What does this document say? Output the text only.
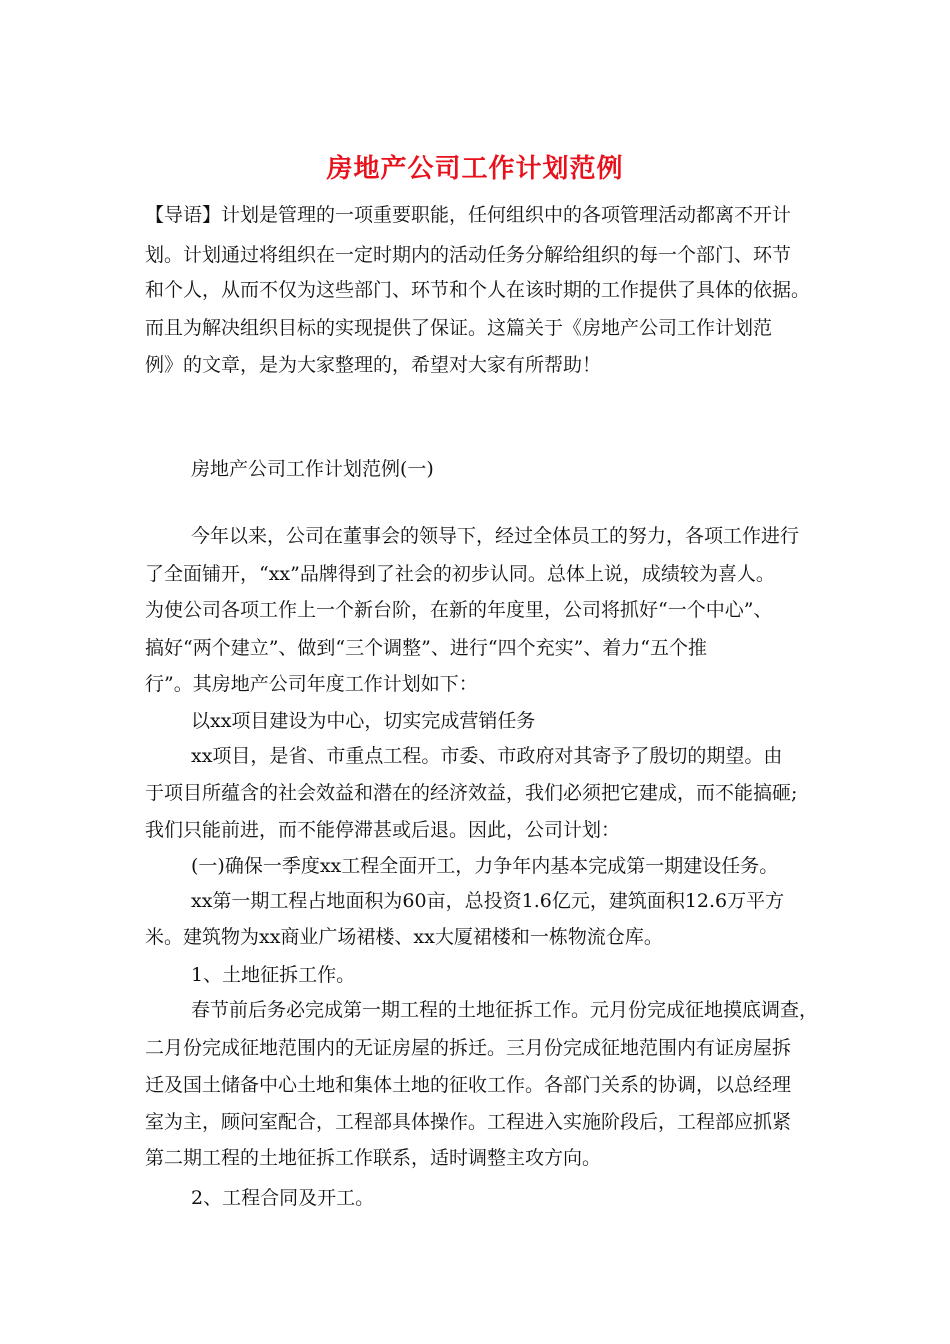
房地产公司工作计划范例
【导语】计划是管理的一项重要职能，任何组织中的各项管理活动都离不开计
划。计划通过将组织在一定时期内的活动任务分解给组织的每一个部门、环节
和个人，从而不仅为这些部门、环节和个人在该时期的工作提供了具体的依据。
而且为解决组织目标的实现提供了保证。这篇关于《房地产公司工作计划范
例》的文章，是为大家整理的，希望对大家有所帮助！
房地产公司工作计划范例(一)
今年以来，公司在董事会的领导下，经过全体员工的努力，各项工作进行
了全面铺开，“xx”品牌得到了社会的初步认同。总体上说，成绩较为喜人。
为使公司各项工作上一个新台阶，在新的年度里，公司将抓好“一个中心”、
搞好“两个建立”、做到“三个调整”、进行“四个充实”、着力“五个推
行”。其房地产公司年度工作计划如下：
以xx项目建设为中心，切实完成营销任务
xx项目，是省、市重点工程。市委、市政府对其寄予了殷切的期望。由
于项目所蕴含的社会效益和潜在的经济效益，我们必须把它建成，而不能搞砸;
我们只能前进，而不能停滞甚或后退。因此，公司计划：
(一)确保一季度xx工程全面开工，力争年内基本完成第一期建设任务。
xx第一期工程占地面积为60亩，总投资1.6亿元，建筑面积12.6万平方
米。建筑物为xx商业广场裙楼、xx大厦裙楼和一栋物流仓库。
1、土地征拆工作。
春节前后务必完成第一期工程的土地征拆工作。元月份完成征地摸底调查，
二月份完成征地范围内的无证房屋的拆迁。三月份完成征地范围内有证房屋拆
迁及国土储备中心土地和集体土地的征收工作。各部门关系的协调，以总经理
室为主，顾问室配合，工程部具体操作。工程进入实施阶段后，工程部应抓紧
第二期工程的土地征拆工作联系，适时调整主攻方向。
2、工程合同及开工。
